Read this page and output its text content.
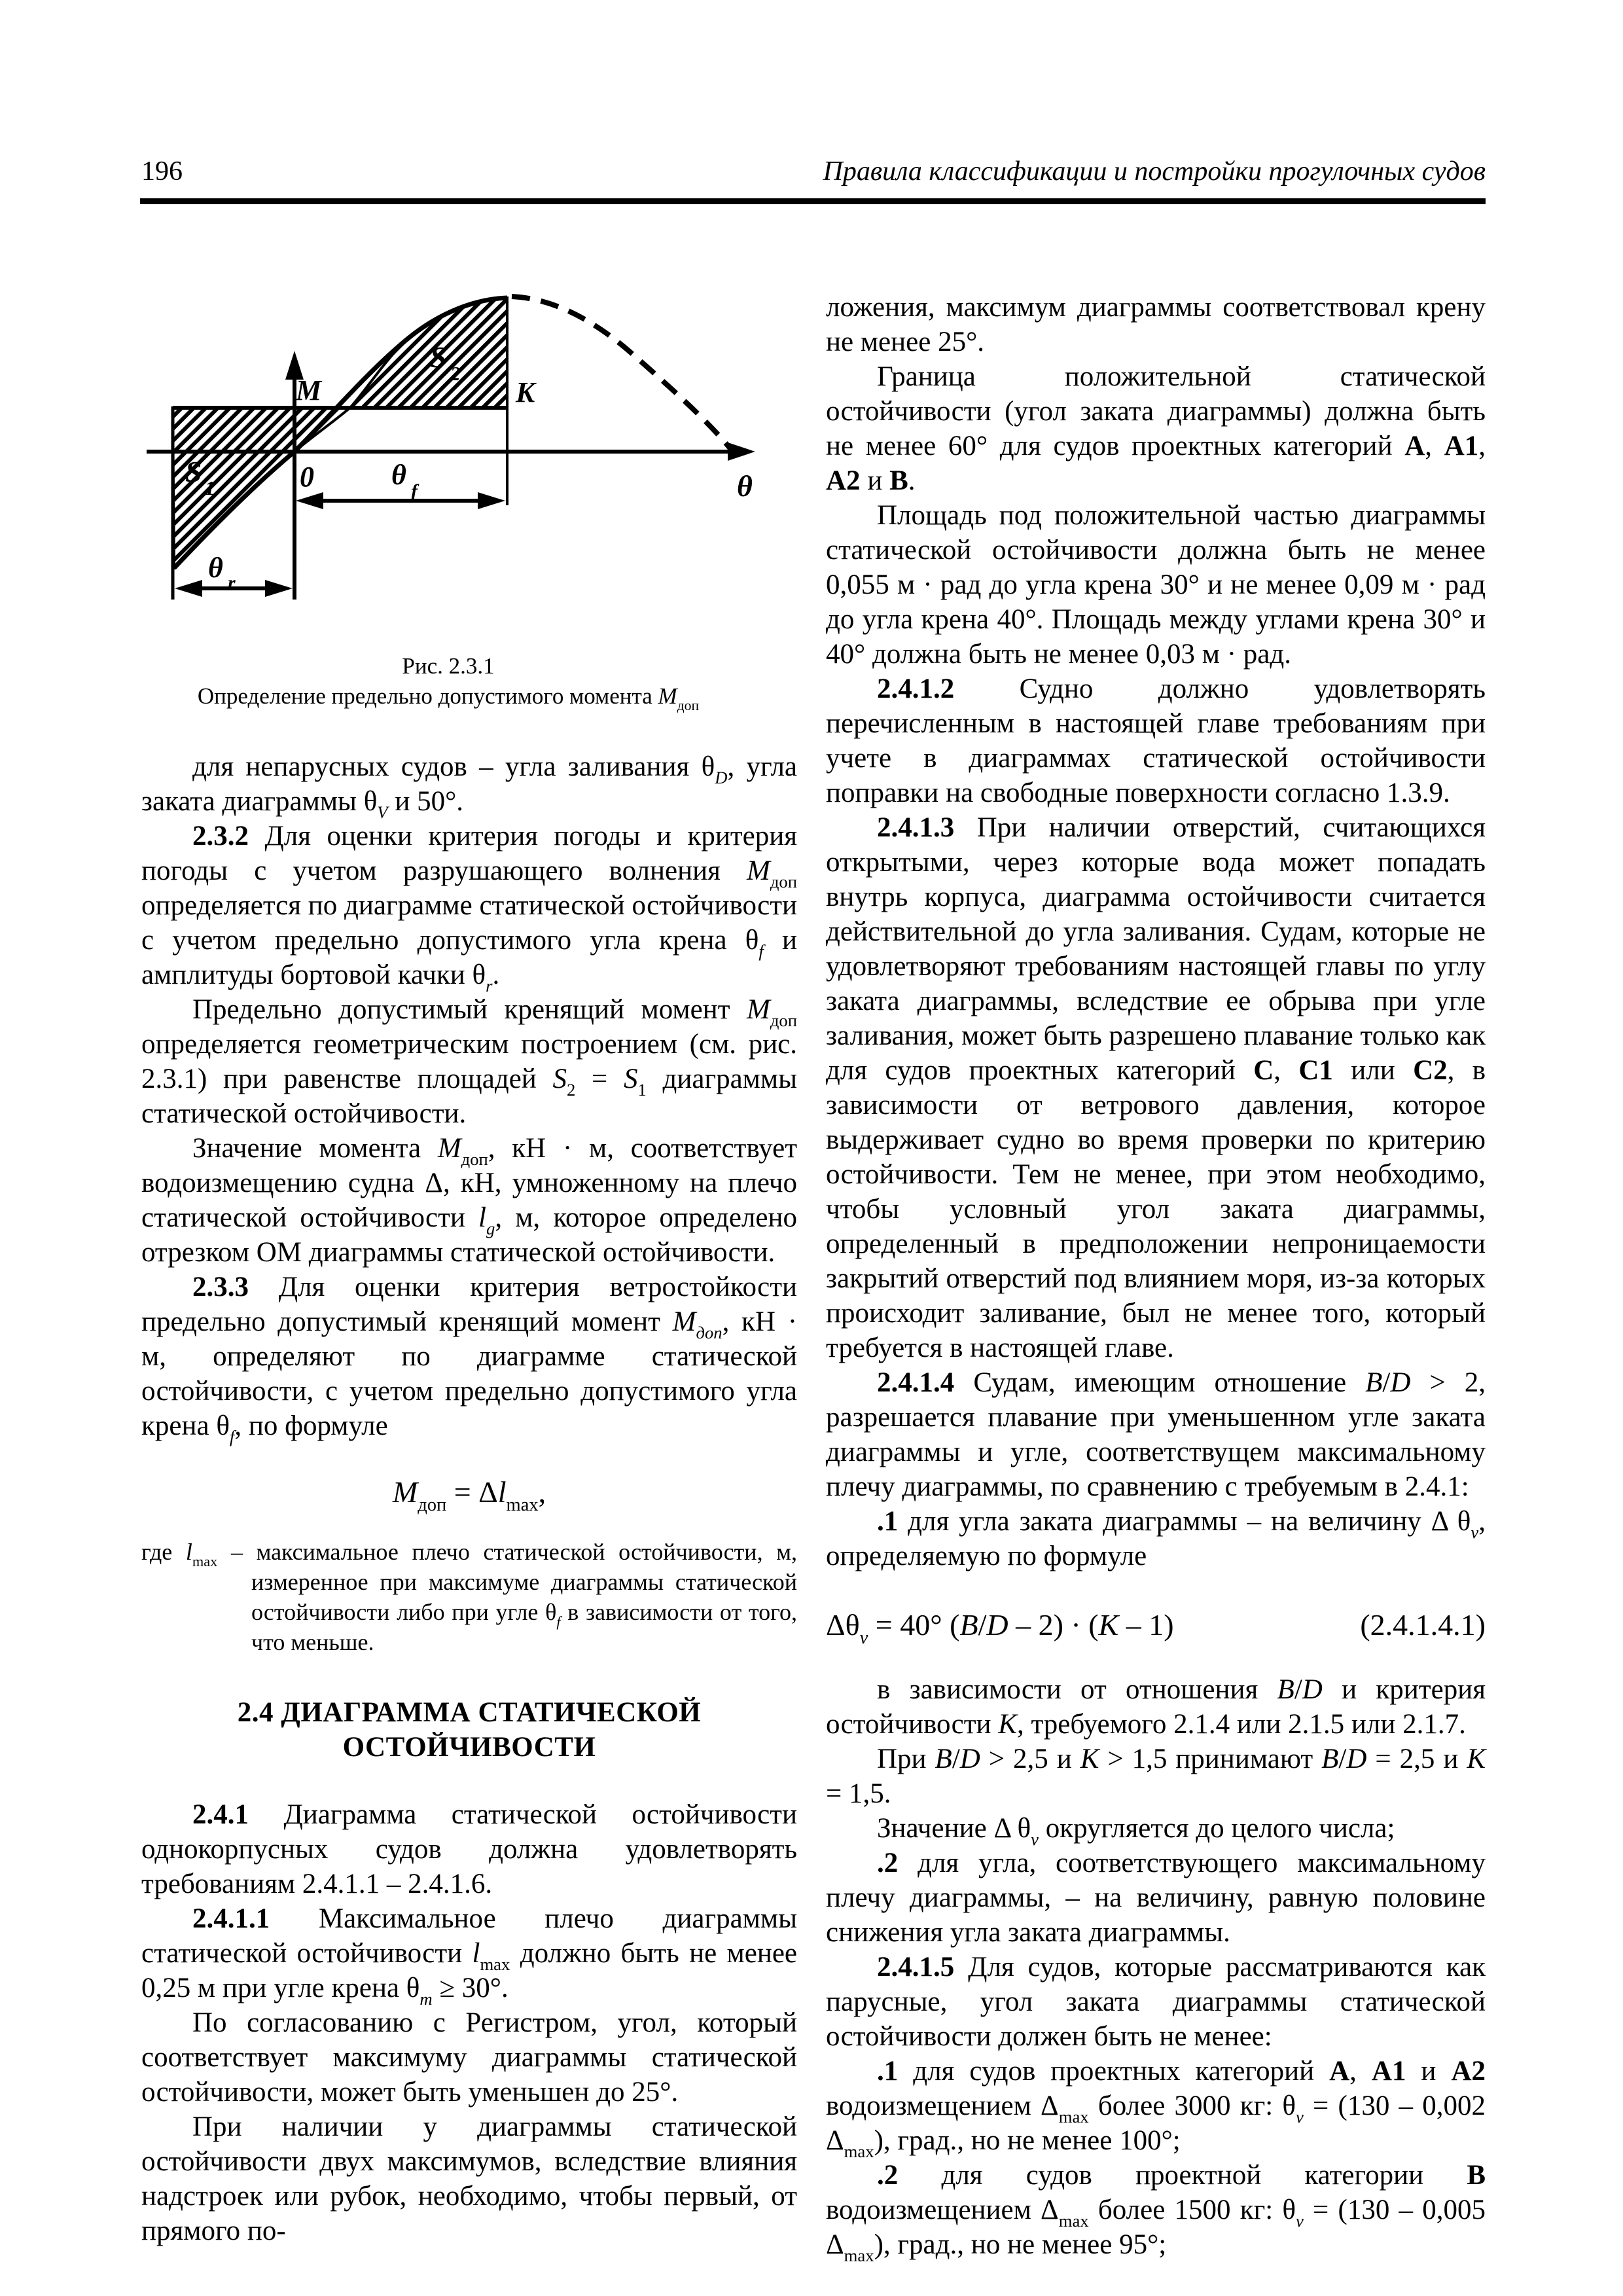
196	Правила классификации и постройки прогулочных судов
M	K
0	θ
S 1
S 2
θ
f
θ r
Рис. 2.3.1
Определение предельно допустимого момента $M_{доп}$

для непарусных судов – угла заливания $\theta_D$, угла заката диаграммы $\theta_V$ и 50°.

2.3.2 Для оценки критерия погоды и критерия погоды с учетом разрушающего волнения $M_{доп}$ определяется по диаграмме статической остойчивости с учетом предельно допустимого угла крена $\theta_f$ и амплитуды бортовой качки $\theta_r$.

Предельно допустимый кренящий момент $M_{доп}$ определяется геометрическим построением (см. рис. 2.3.1) при равенстве площадей $S_2 = S_1$ диаграммы статической остойчивости.

Значение момента $M_{доп}$, кН · м, соответствует водоизмещению судна Δ, кН, умноженному на плечо статической остойчивости $l_g$, м, которое определено отрезком ОМ диаграммы статической остойчивости.

2.3.3 Для оценки критерия ветростойкости предельно допустимый кренящий момент $M_{доп}$, кН · м, определяют по диаграмме статической остойчивости, с учетом предельно допустимого угла крена $\theta_f$, по формуле

$M_{доп} = \Delta l_{max}$,
где $l_{max}$ – максимальное плечо статической остойчивости, м, измеренное при максимуме диаграммы статической остойчивости либо при угле $\theta_f$ в зависимости от того, что меньше.
2.4 ДИАГРАММА СТАТИЧЕСКОЙ ОСТОЙЧИВОСТИ

2.4.1 Диаграмма статической остойчивости однокорпусных судов должна удовлетворять требованиям 2.4.1.1 – 2.4.1.6.

2.4.1.1 Максимальное плечо диаграммы статической остойчивости $l_{max}$ должно быть не менее 0,25 м при угле крена $\theta_m \ge 30^\circ$.

По согласованию с Регистром, угол, который соответствует максимуму диаграммы статической остойчивости, может быть уменьшен до 25°.

При наличии у диаграммы статической остойчивости двух максимумов, вследствие влияния надстроек или рубок, необходимо, чтобы первый, от прямого по-

ложения, максимум диаграммы соответствовал крену не менее 25°.

Граница положительной статической остойчивости (угол заката диаграммы) должна быть не менее 60° для судов проектных категорий А, А1, А2 и В.

Площадь под положительной частью диаграммы статической остойчивости должна быть не менее 0,055 м · рад до угла крена 30° и не менее 0,09 м · рад до угла крена 40°. Площадь между углами крена 30° и 40° должна быть не менее 0,03 м · рад.

2.4.1.2 Судно должно удовлетворять перечисленным в настоящей главе требованиям при учете в диаграммах статической остойчивости поправки на свободные поверхности согласно 1.3.9.

2.4.1.3 При наличии отверстий, считающихся открытыми, через которые вода может попадать внутрь корпуса, диаграмма остойчивости считается действительной до угла заливания. Судам, которые не удовлетворяют требованиям настоящей главы по углу заката диаграммы, вследствие ее обрыва при угле заливания, может быть разрешено плавание только как для судов проектных категорий С, С1 или С2, в зависимости от ветрового давления, которое выдерживает судно во время проверки по критерию остойчивости. Тем не менее, при этом необходимо, чтобы условный угол заката диаграммы, определенный в предположении непроницаемости закрытий отверстий под влиянием моря, из-за которых происходит заливание, был не менее того, который требуется в настоящей главе.

2.4.1.4 Судам, имеющим отношение B/D > 2, разрешается плавание при уменьшенном угле заката диаграммы и угле, соответствущем максимальному плечу диаграммы, по сравнению с требуемым в 2.4.1:

.1 для угла заката диаграммы – на величину Δ $\theta_v$, определяемую по формуле

$\Delta\theta_v = 40^\circ$ (B/D – 2) · (K – 1)	(2.4.1.4.1)

в зависимости от отношения B/D и критерия остойчивости K, требуемого 2.1.4 или 2.1.5 или 2.1.7.

При B/D > 2,5 и K > 1,5 принимают B/D = 2,5 и K = 1,5.

Значение Δ $\theta_v$ округляется до целого числа;

.2 для угла, соответствующего максимальному плечу диаграммы, – на величину, равную половине снижения угла заката диаграммы.

2.4.1.5 Для судов, которые рассматриваются как парусные, угол заката диаграммы статической остойчивости должен быть не менее:

.1 для судов проектных категорий А, А1 и А2 водоизмещением $\Delta_{max}$ более 3000 кг: $\theta_v = (130 - 0,002$ $\Delta_{max}$), град., но не менее 100°;

.2 для судов проектной категории В водоизмещением $\Delta_{max}$ более 1500 кг: $\theta_v = (130 - 0,005$ $\Delta_{max}$), град., но не менее 95°;
